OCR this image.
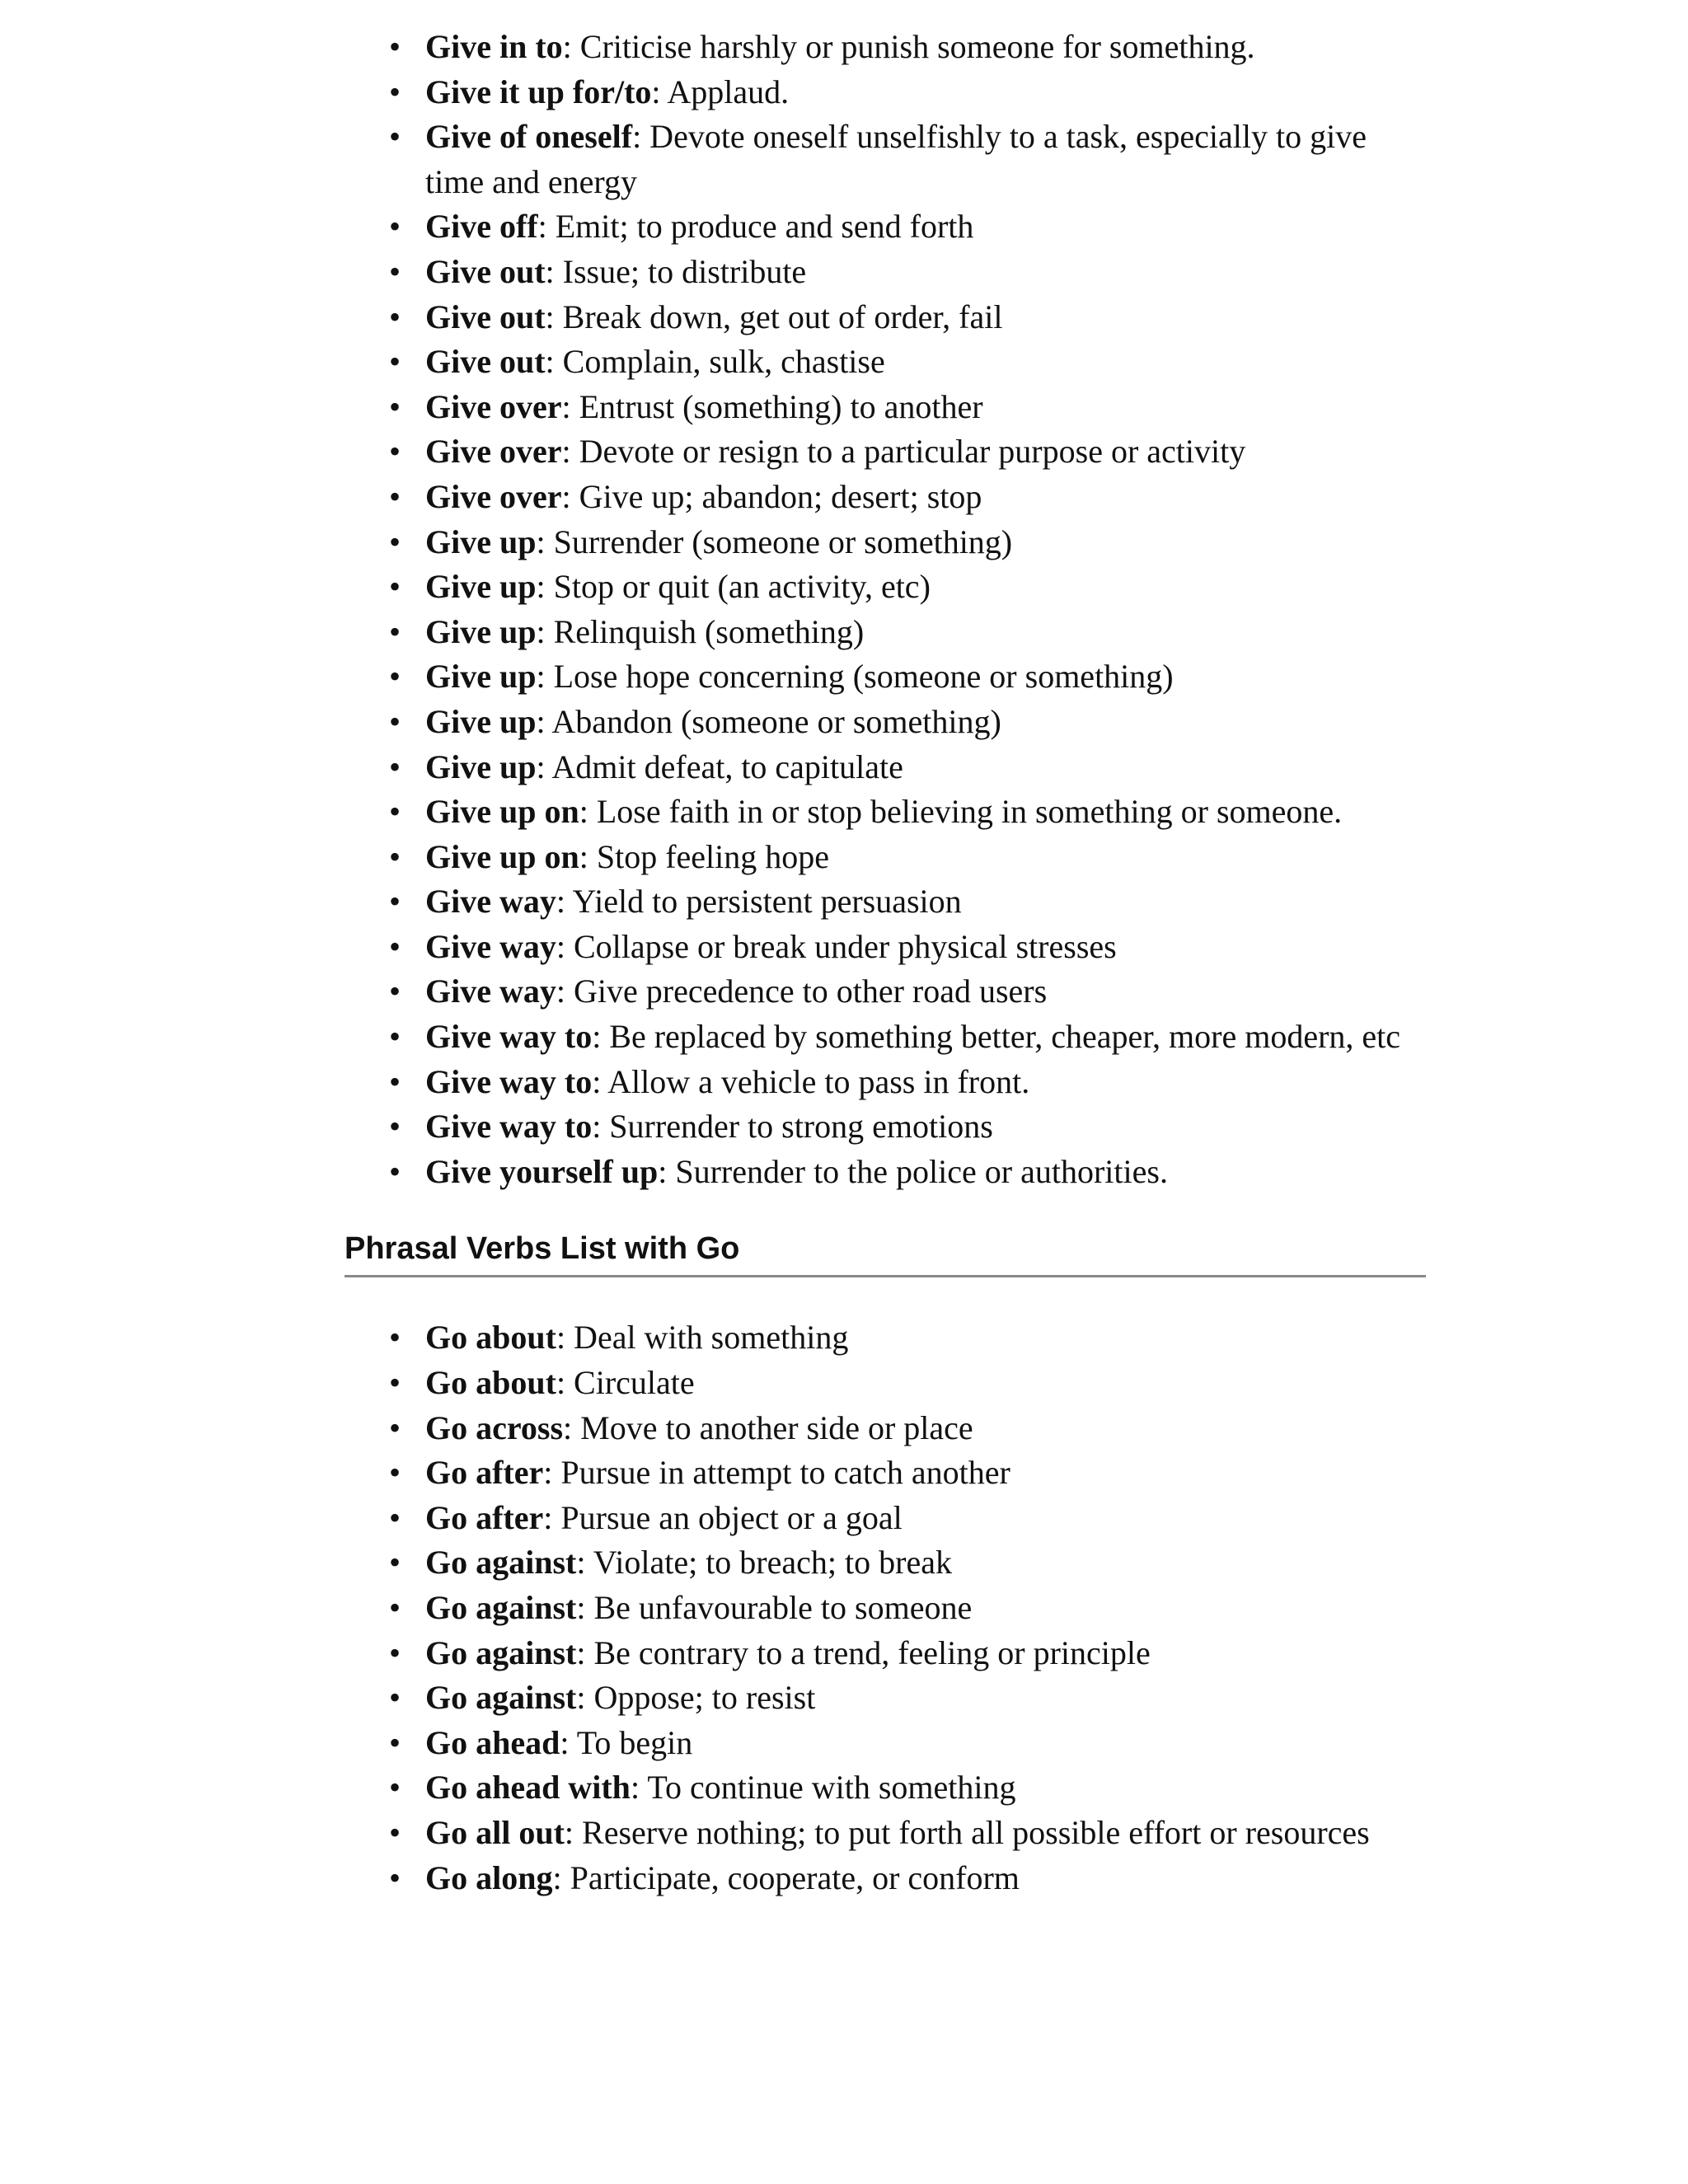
• Give in to: Criticise harshly or punish someone for something.
• Give it up for/to: Applaud.
• Give of oneself: Devote oneself unselfishly to a task, especially to give time and energy
• Give off: Emit; to produce and send forth
• Give out: Issue; to distribute
• Give out: Break down, get out of order, fail
• Give out: Complain, sulk, chastise
• Give over: Entrust (something) to another
• Give over: Devote or resign to a particular purpose or activity
• Give over: Give up; abandon; desert; stop
• Give up: Surrender (someone or something)
• Give up: Stop or quit (an activity, etc)
• Give up: Relinquish (something)
• Give up: Lose hope concerning (someone or something)
• Give up: Abandon (someone or something)
• Give up: Admit defeat, to capitulate
• Give up on: Lose faith in or stop believing in something or someone.
• Give up on: Stop feeling hope
• Give way: Yield to persistent persuasion
• Give way: Collapse or break under physical stresses
• Give way: Give precedence to other road users
• Give way to: Be replaced by something better, cheaper, more modern, etc
• Give way to: Allow a vehicle to pass in front.
• Give way to: Surrender to strong emotions
• Give yourself up: Surrender to the police or authorities.
Phrasal Verbs List with Go
• Go about: Deal with something
• Go about: Circulate
• Go across: Move to another side or place
• Go after: Pursue in attempt to catch another
• Go after: Pursue an object or a goal
• Go against: Violate; to breach; to break
• Go against: Be unfavourable to someone
• Go against: Be contrary to a trend, feeling or principle
• Go against: Oppose; to resist
• Go ahead: To begin
• Go ahead with: To continue with something
• Go all out: Reserve nothing; to put forth all possible effort or resources
• Go along: Participate, cooperate, or conform
